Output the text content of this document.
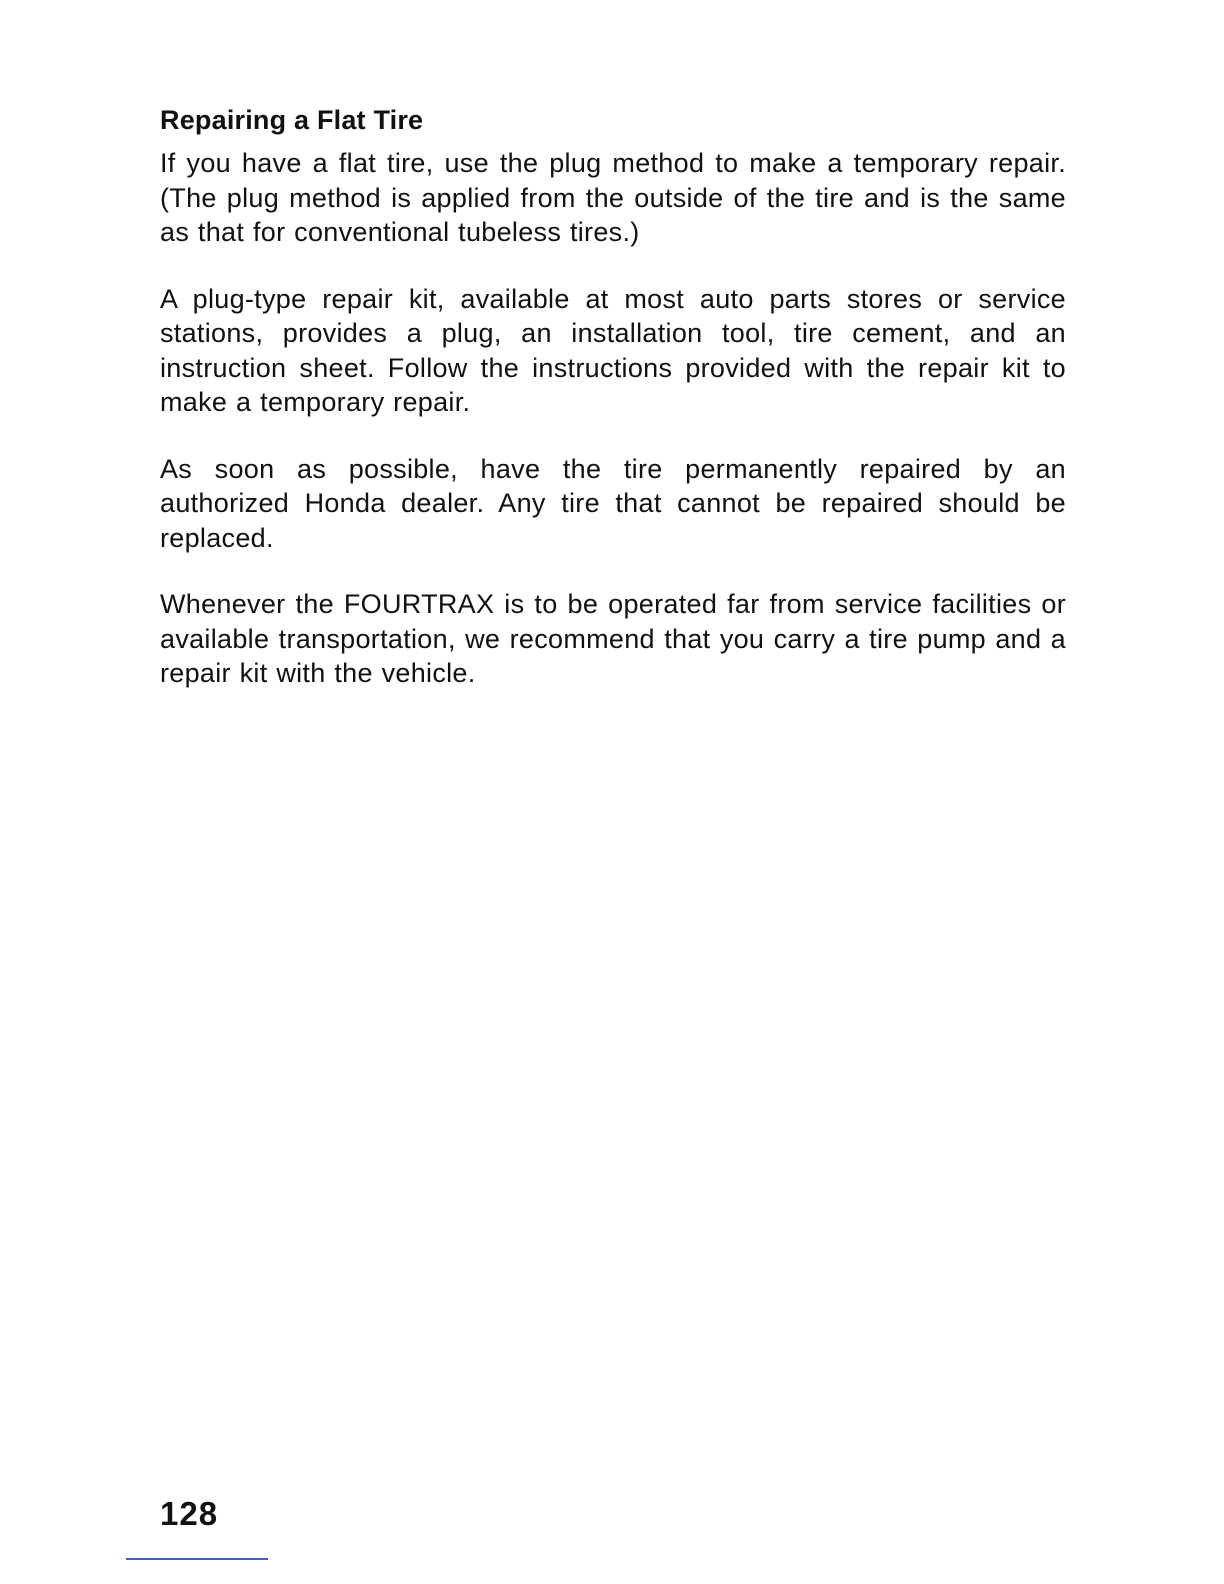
Repairing a Flat Tire

If you have a flat tire, use the plug method to make a temporary repair. (The plug method is applied from the outside of the tire and is the same as that for conventional tubeless tires.)

A plug-type repair kit, available at most auto parts stores or service stations, provides a plug, an installation tool, tire cement, and an instruction sheet. Follow the instructions provided with the repair kit to make a temporary repair.

As soon as possible, have the tire permanently repaired by an authorized Honda dealer. Any tire that cannot be repaired should be replaced.

Whenever the FOURTRAX is to be operated far from service facilities or available transportation, we recommend that you carry a tire pump and a repair kit with the vehicle.

128
